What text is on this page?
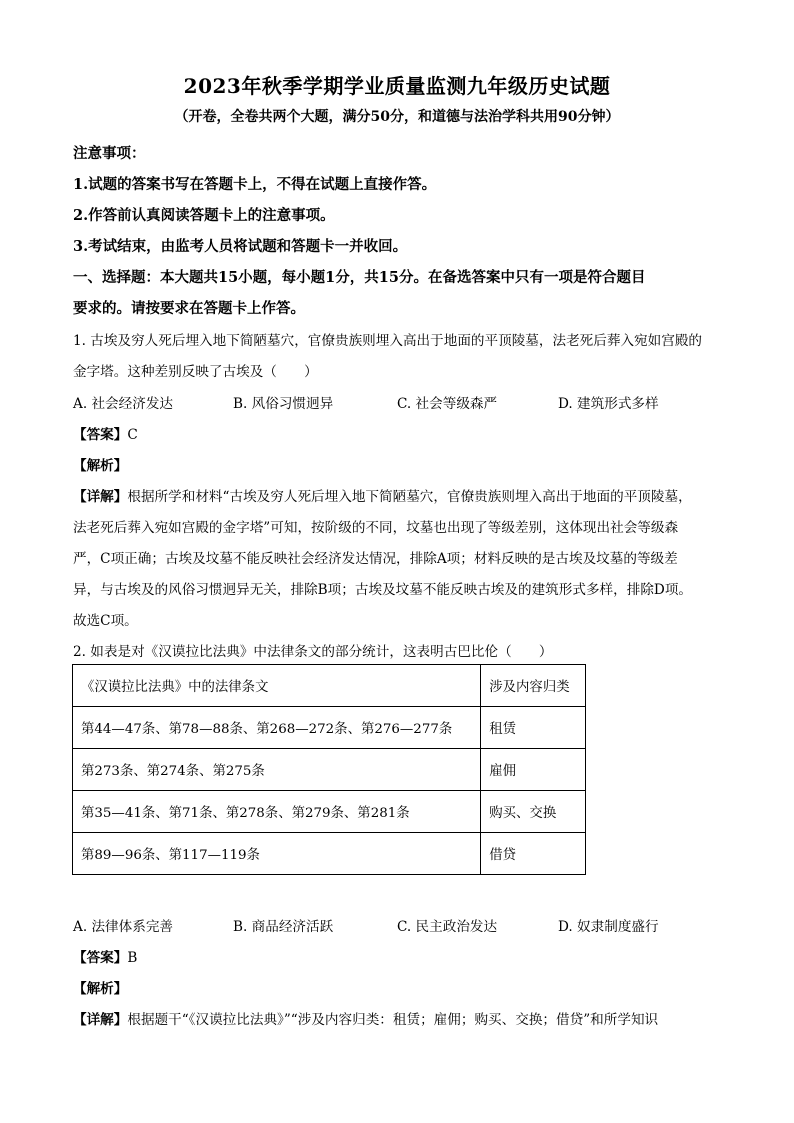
2023年秋季学期学业质量监测九年级历史试题
（开卷，全卷共两个大题，满分50分，和道德与法治学科共用90分钟）
注意事项：
1.试题的答案书写在答题卡上，不得在试题上直接作答。
2.作答前认真阅读答题卡上的注意事项。
3.考试结束，由监考人员将试题和答题卡一并收回。
一、选择题：本大题共15小题，每小题1分，共15分。在备选答案中只有一项是符合题目
要求的。请按要求在答题卡上作答。
1. 古埃及穷人死后埋入地下简陋墓穴，官僚贵族则埋入高出于地面的平顶陵墓，法老死后葬入宛如宫殿的
金字塔。这种差别反映了古埃及（　　）
A. 社会经济发达	B. 风俗习惯迥异	C. 社会等级森严	D. 建筑形式多样
【答案】C
【解析】
【详解】根据所学和材料“古埃及穷人死后埋入地下简陋墓穴，官僚贵族则埋入高出于地面的平顶陵墓，
法老死后葬入宛如宫殿的金字塔”可知，按阶级的不同，坟墓也出现了等级差别，这体现出社会等级森
严，C项正确；古埃及坟墓不能反映社会经济发达情况，排除A项；材料反映的是古埃及坟墓的等级差
异，与古埃及的风俗习惯迥异无关，排除B项；古埃及坟墓不能反映古埃及的建筑形式多样，排除D项。
故选C项。
2. 如表是对《汉谟拉比法典》中法律条文的部分统计，这表明古巴比伦（　　）
《汉谟拉比法典》中的法律条文	涉及内容归类
第44—47条、第78—88条、第268—272条、第276—277条	租赁
第273条、第274条、第275条	雇佣
第35—41条、第71条、第278条、第279条、第281条	购买、交换
第89—96条、第117—119条	借贷
A. 法律体系完善	B. 商品经济活跃	C. 民主政治发达	D. 奴隶制度盛行
【答案】B
【解析】
【详解】根据题干“《汉谟拉比法典》”“涉及内容归类：租赁；雇佣；购买、交换；借贷”和所学知识
